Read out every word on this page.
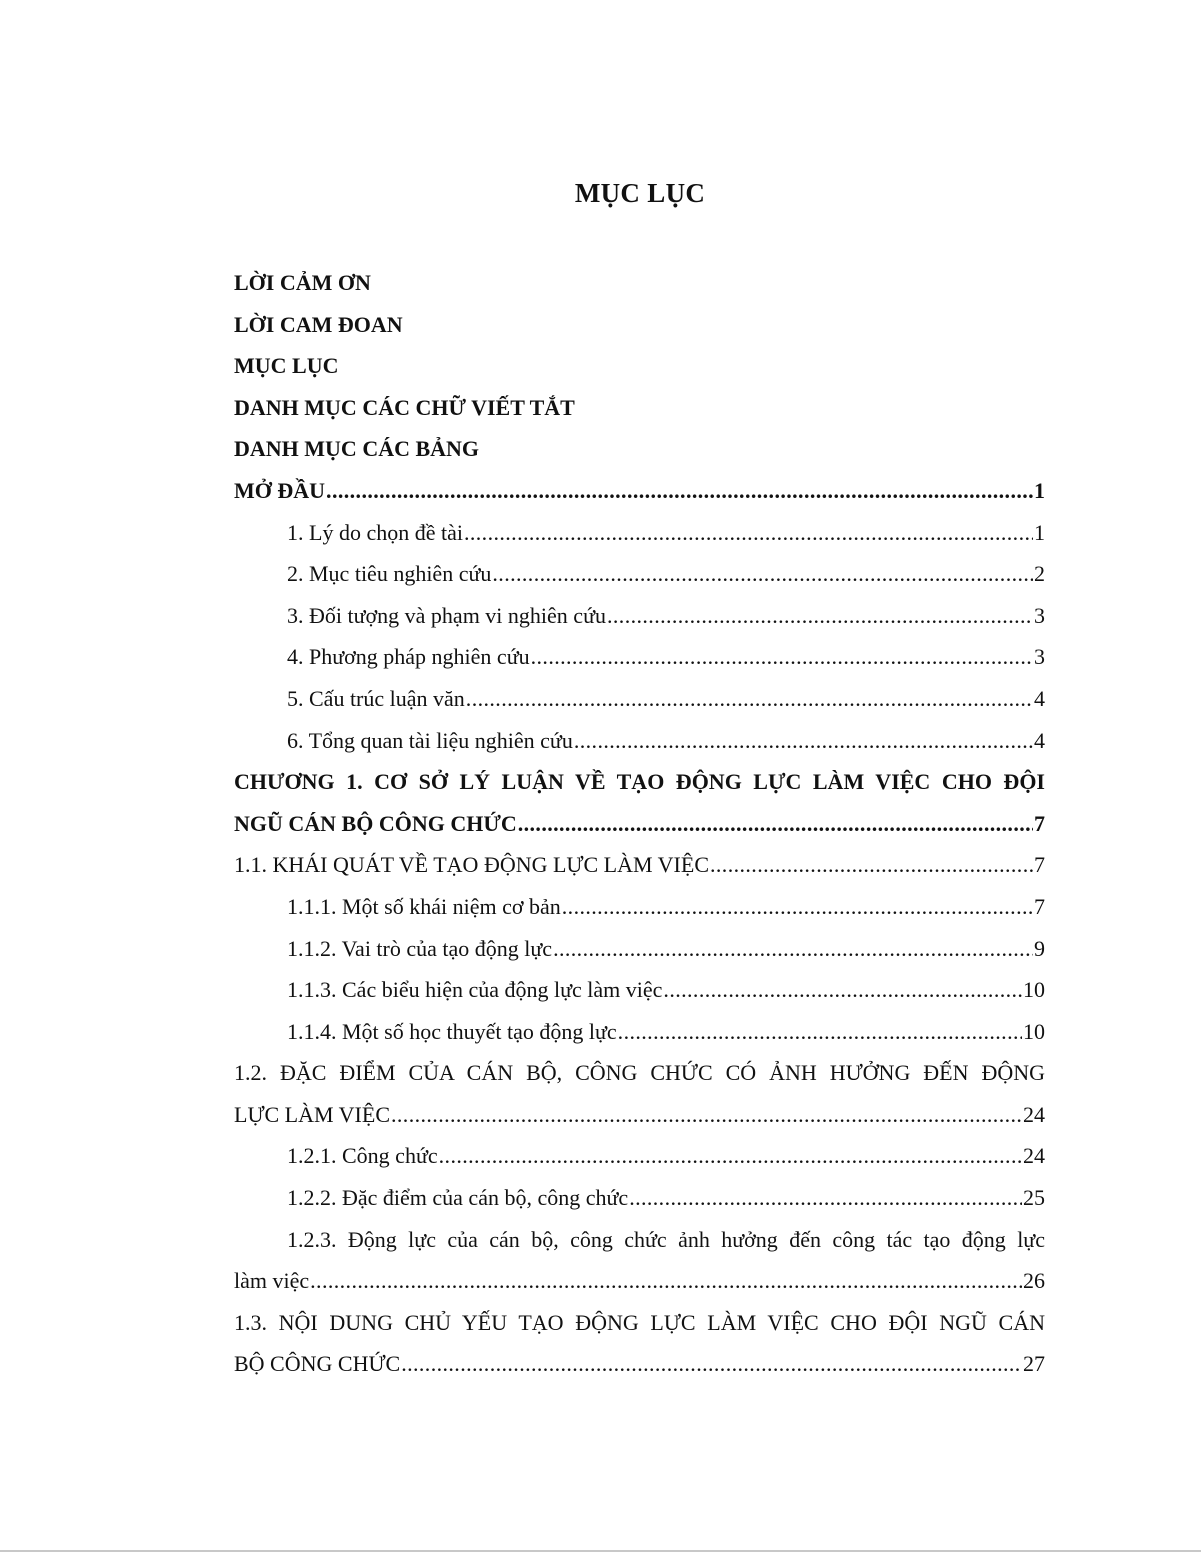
MỤC LỤC
LỜI CẢM ƠN
LỜI CAM ĐOAN
MỤC LỤC
DANH MỤC CÁC CHỮ VIẾT TẮT
DANH MỤC CÁC BẢNG
MỞ ĐẦU .....	1
1. Lý do chọn đề tài .....	1
2. Mục tiêu nghiên cứu .....	2
3. Đối tượng và phạm vi nghiên cứu .....	3
4. Phương pháp nghiên cứu .....	3
5. Cấu trúc luận văn .....	4
6. Tổng quan tài liệu nghiên cứu .....	4
CHƯƠNG 1. CƠ SỞ LÝ LUẬN VỀ TẠO ĐỘNG LỰC LÀM VIỆC CHO ĐỘI
NGŨ CÁN BỘ CÔNG CHỨC .....	7
1.1. KHÁI QUÁT VỀ TẠO ĐỘNG LỰC LÀM VIỆC .....	7
1.1.1. Một số khái niệm cơ bản .....	7
1.1.2. Vai trò của tạo động lực .....	9
1.1.3. Các biểu hiện của động lực làm việc .....	10
1.1.4. Một số học thuyết tạo động lực .....	10
1.2. ĐẶC ĐIỂM CỦA CÁN BỘ, CÔNG CHỨC CÓ ẢNH HƯỞNG ĐẾN ĐỘNG
LỰC LÀM VIỆC .....	24
1.2.1. Công chức .....	24
1.2.2. Đặc điểm của cán bộ, công chức .....	25
1.2.3. Động lực của cán bộ, công chức ảnh hưởng đến công tác tạo động lực
làm việc .....	26
1.3. NỘI DUNG CHỦ YẾU TẠO ĐỘNG LỰC LÀM VIỆC CHO ĐỘI NGŨ CÁN
BỘ CÔNG CHỨC .....	27
